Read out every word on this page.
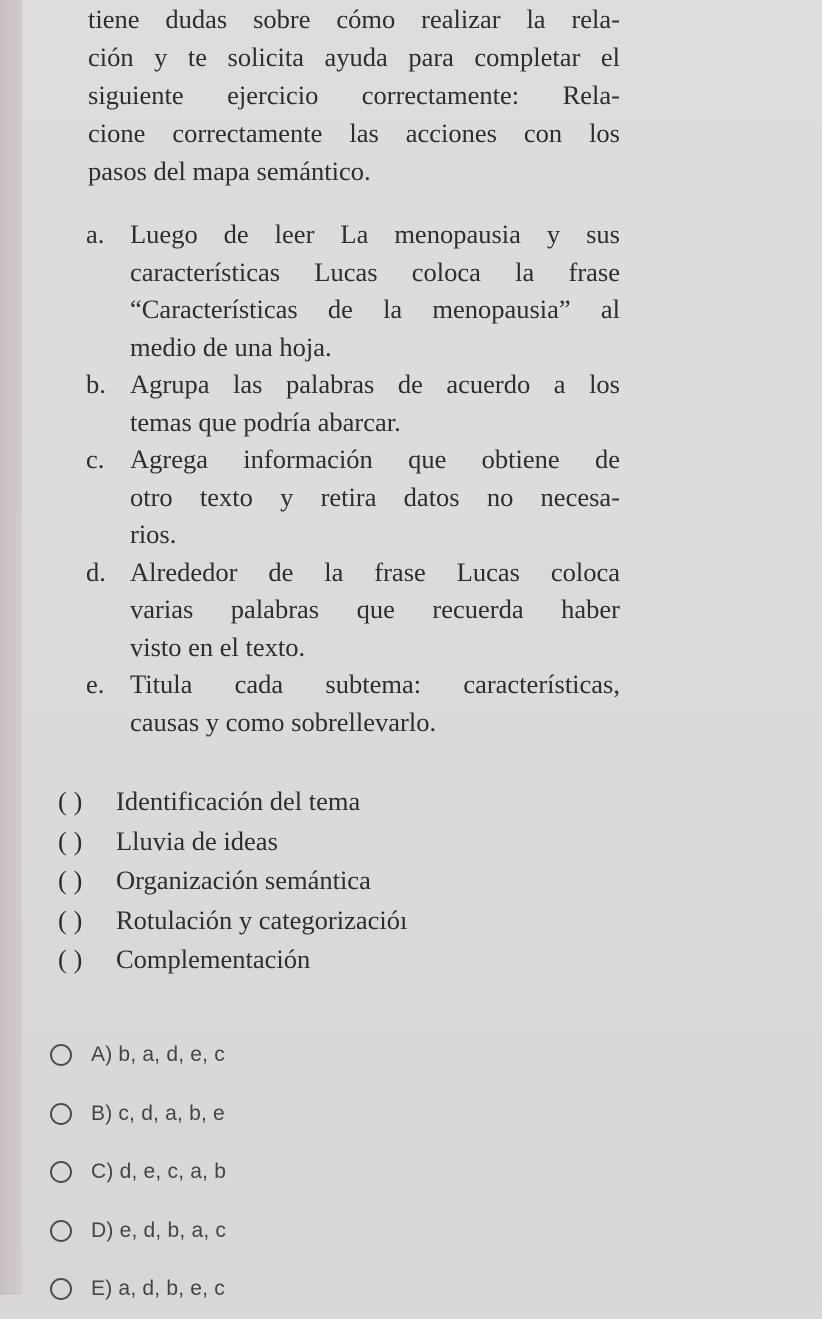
tiene dudas sobre cómo realizar la rela-
ción y te solicita ayuda para completar el
siguiente ejercicio correctamente: Rela-
cione correctamente las acciones con los
pasos del mapa semántico.

a. Luego de leer La menopausia y sus
características Lucas coloca la frase
“Características de la menopausia” al
medio de una hoja.
b. Agrupa las palabras de acuerdo a los
temas que podría abarcar.
c. Agrega información que obtiene de
otro texto y retira datos no necesa-
rios.
d. Alrededor de la frase Lucas coloca
varias palabras que recuerda haber
visto en el texto.
e. Titula cada subtema: características,
causas y como sobrellevarlo.
( )	Identificación del tema
( )	Lluvia de ideas
( )	Organización semántica
( )	Rotulación y categorizacióı
( )	Complementación
A) b, a, d, e, c
B) c, d, a, b, e
C) d, e, c, a, b
D) e, d, b, a, c
E) a, d, b, e, c
